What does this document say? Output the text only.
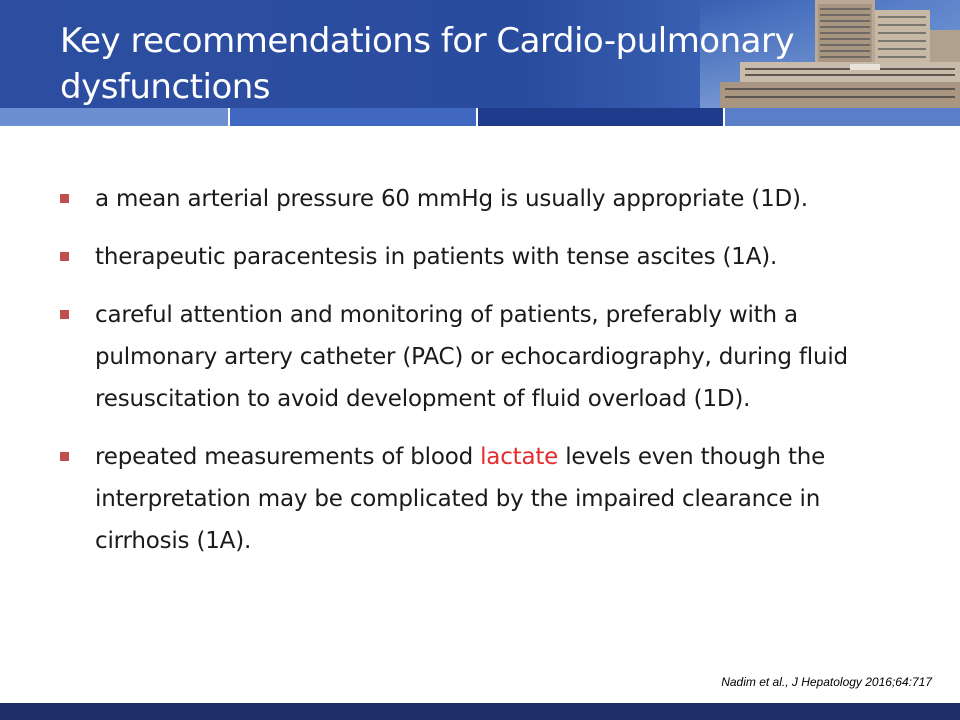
Key recommendations for Cardio-pulmonary dysfunctions
a mean arterial pressure 60 mmHg is usually appropriate (1D).
therapeutic paracentesis in patients with tense ascites (1A).
careful attention and monitoring of patients, preferably with a pulmonary artery catheter (PAC) or echocardiography, during fluid resuscitation to avoid development of fluid overload (1D).
repeated measurements of blood lactate levels even though the interpretation may be complicated by the impaired clearance in cirrhosis (1A).
Nadim et al., J Hepatology 2016;64:717
